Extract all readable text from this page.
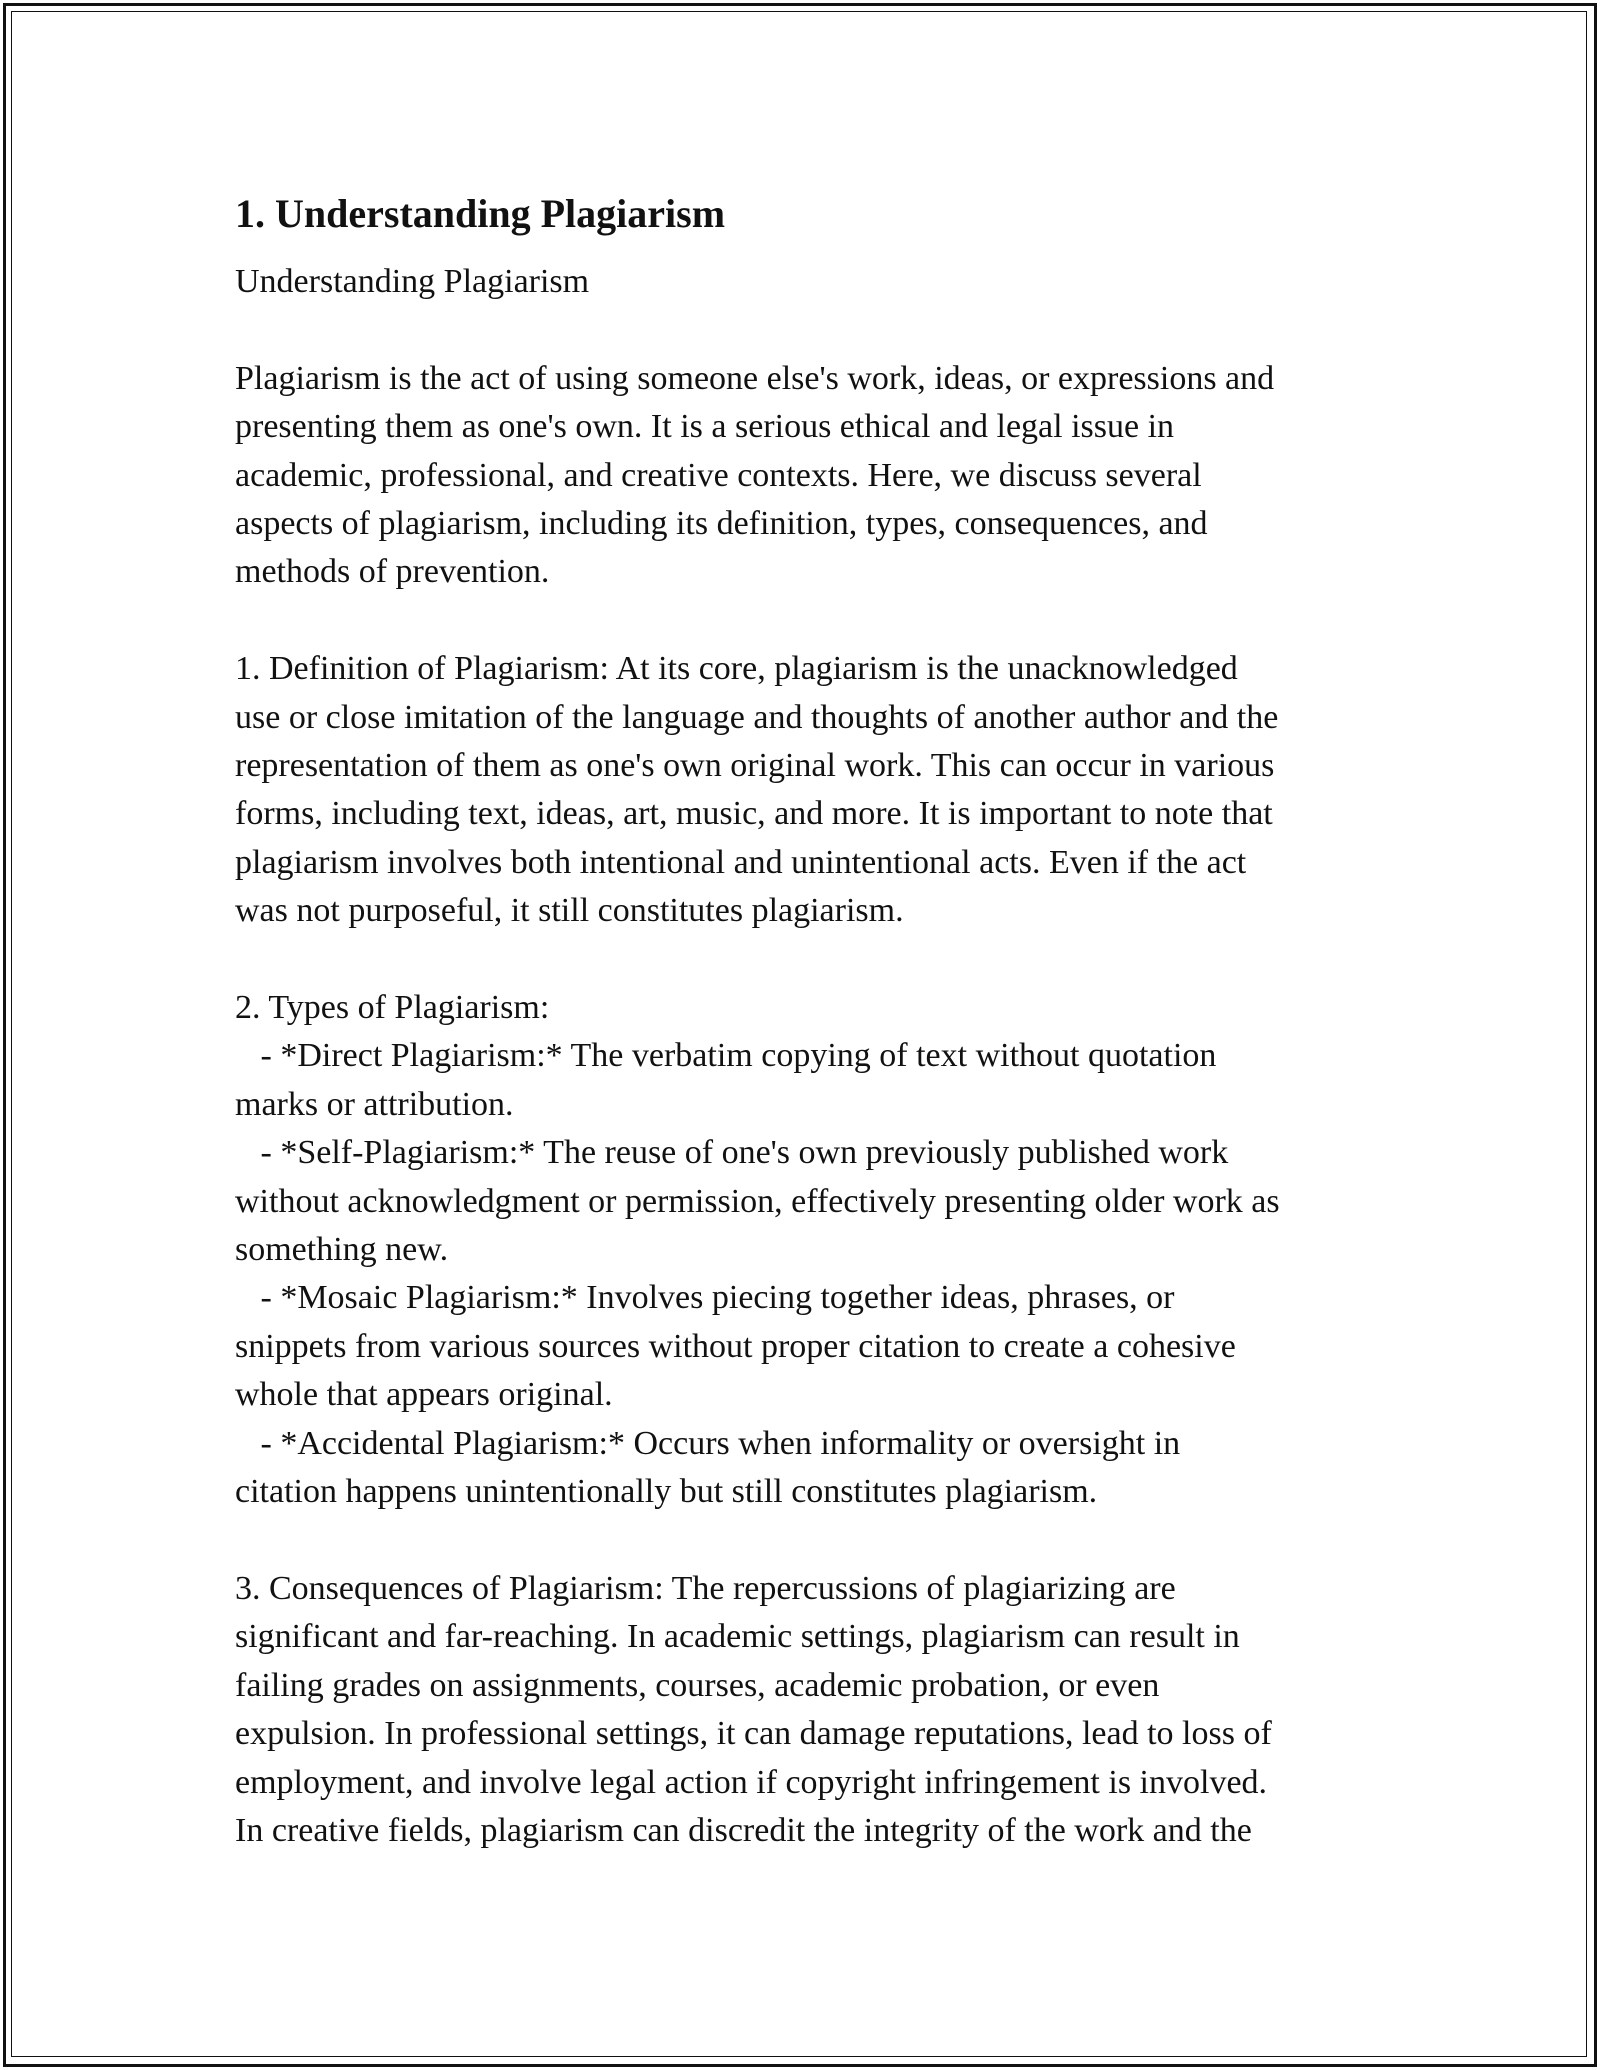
1. Understanding Plagiarism
Understanding Plagiarism
Plagiarism is the act of using someone else's work, ideas, or expressions and
presenting them as one's own. It is a serious ethical and legal issue in
academic, professional, and creative contexts. Here, we discuss several
aspects of plagiarism, including its definition, types, consequences, and
methods of prevention.
1. Definition of Plagiarism: At its core, plagiarism is the unacknowledged
use or close imitation of the language and thoughts of another author and the
representation of them as one's own original work. This can occur in various
forms, including text, ideas, art, music, and more. It is important to note that
plagiarism involves both intentional and unintentional acts. Even if the act
was not purposeful, it still constitutes plagiarism.
2. Types of Plagiarism:
- *Direct Plagiarism:* The verbatim copying of text without quotation
marks or attribution.
- *Self-Plagiarism:* The reuse of one's own previously published work
without acknowledgment or permission, effectively presenting older work as
something new.
- *Mosaic Plagiarism:* Involves piecing together ideas, phrases, or
snippets from various sources without proper citation to create a cohesive
whole that appears original.
- *Accidental Plagiarism:* Occurs when informality or oversight in
citation happens unintentionally but still constitutes plagiarism.
3. Consequences of Plagiarism: The repercussions of plagiarizing are
significant and far-reaching. In academic settings, plagiarism can result in
failing grades on assignments, courses, academic probation, or even
expulsion. In professional settings, it can damage reputations, lead to loss of
employment, and involve legal action if copyright infringement is involved.
In creative fields, plagiarism can discredit the integrity of the work and the
